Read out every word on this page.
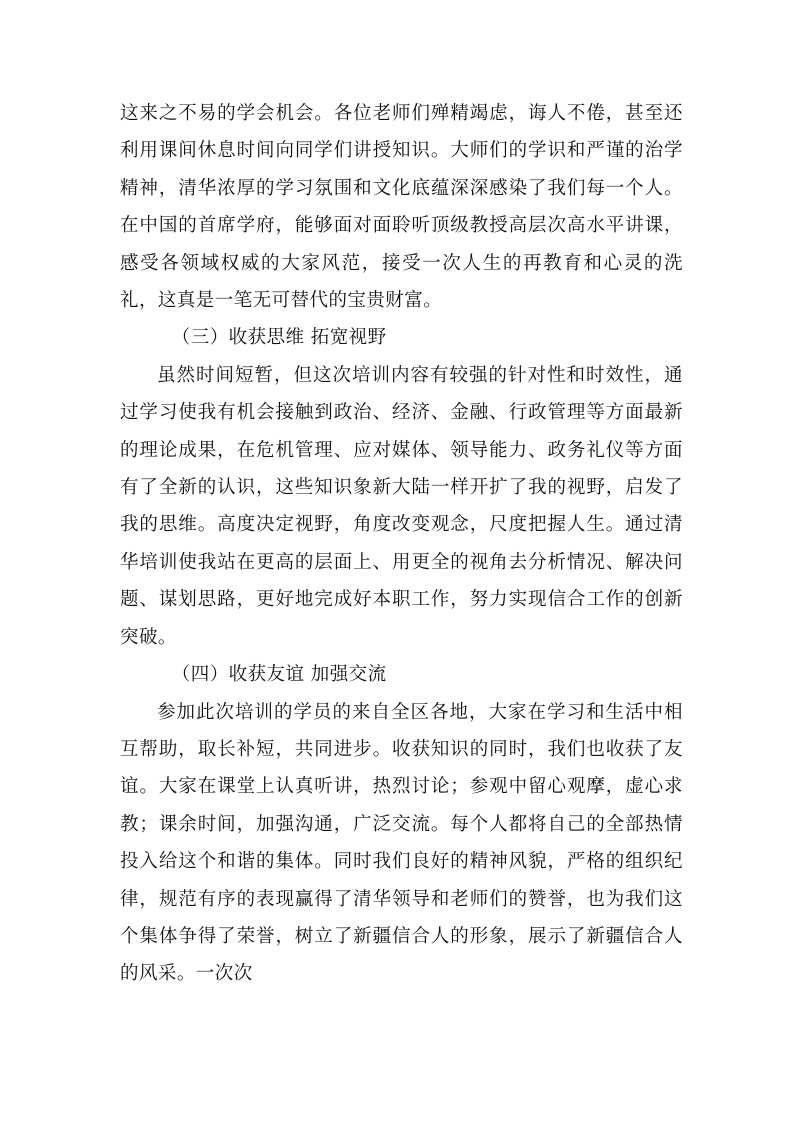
这来之不易的学会机会。各位老师们殚精竭虑，诲人不倦，甚至还利用课间休息时间向同学们讲授知识。大师们的学识和严谨的治学精神，清华浓厚的学习氛围和文化底蕴深深感染了我们每一个人。在中国的首席学府，能够面对面聆听顶级教授高层次高水平讲课，感受各领域权威的大家风范，接受一次人生的再教育和心灵的洗礼，这真是一笔无可替代的宝贵财富。

（三）收获思维 拓宽视野

虽然时间短暂，但这次培训内容有较强的针对性和时效性，通过学习使我有机会接触到政治、经济、金融、行政管理等方面最新的理论成果，在危机管理、应对媒体、领导能力、政务礼仪等方面有了全新的认识，这些知识象新大陆一样开扩了我的视野，启发了我的思维。高度决定视野，角度改变观念，尺度把握人生。通过清华培训使我站在更高的层面上、用更全的视角去分析情况、解决问题、谋划思路，更好地完成好本职工作，努力实现信合工作的创新突破。

（四）收获友谊 加强交流

参加此次培训的学员的来自全区各地，大家在学习和生活中相互帮助，取长补短，共同进步。收获知识的同时，我们也收获了友谊。大家在课堂上认真听讲，热烈讨论；参观中留心观摩，虚心求教；课余时间，加强沟通，广泛交流。每个人都将自己的全部热情投入给这个和谐的集体。同时我们良好的精神风貌，严格的组织纪律，规范有序的表现赢得了清华领导和老师们的赞誉，也为我们这个集体争得了荣誉，树立了新疆信合人的形象，展示了新疆信合人的风采。一次次
